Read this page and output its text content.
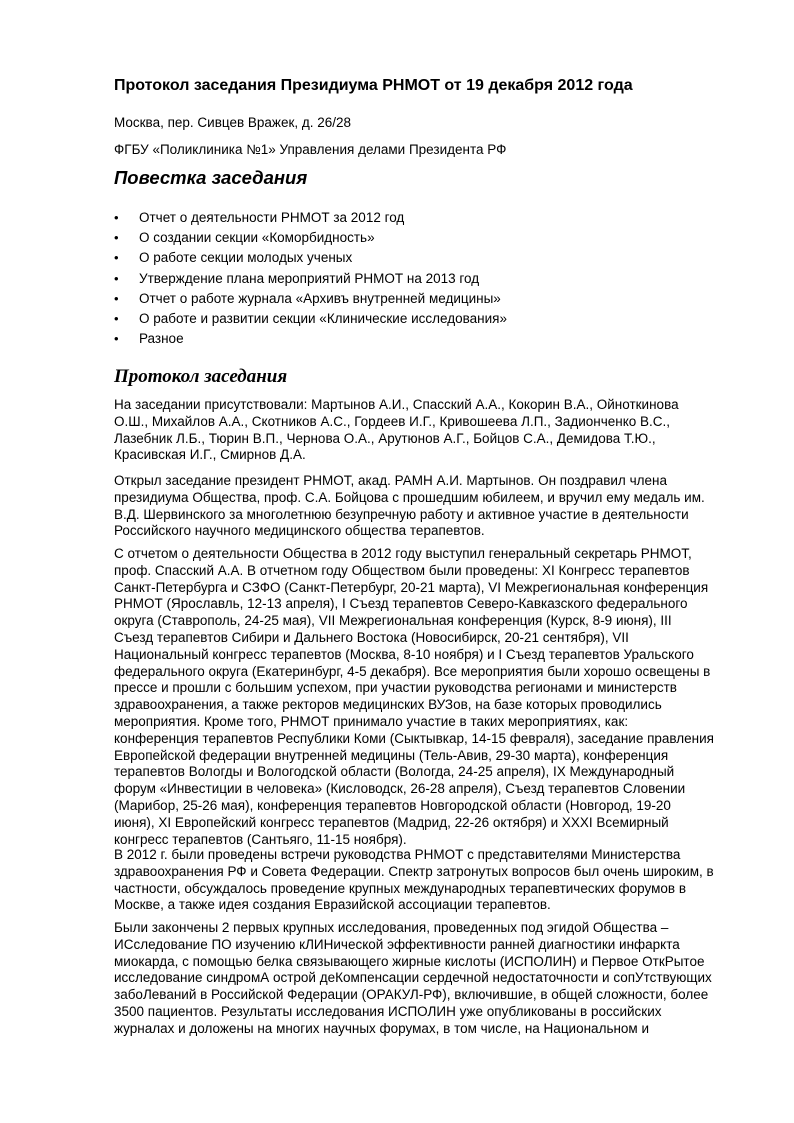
Протокол заседания Президиума РНМОТ от 19 декабря 2012 года

Москва, пер. Сивцев Вражек, д. 26/28

ФГБУ «Поликлиника №1» Управления делами Президента РФ

Повестка заседания
• Отчет о деятельности РНМОТ за 2012 год
• О создании секции «Коморбидность»
• О работе секции молодых ученых
• Утверждение плана мероприятий РНМОТ на 2013 год
• Отчет о работе журнала «Архивъ внутренней медицины»
• О работе и развитии секции «Клинические исследования»
• Разное
Протокол заседания

На заседании присутствовали: Мартынов А.И., Спасский А.А., Кокорин В.А., Ойноткинова О.Ш., Михайлов А.А., Скотников А.С., Гордеев И.Г., Кривошеева Л.П., Задионченко В.С., Лазебник Л.Б., Тюрин В.П., Чернова О.А., Арутюнов А.Г., Бойцов С.А., Демидова Т.Ю., Красивская И.Г., Смирнов Д.А.

Открыл заседание президент РНМОТ, акад. РАМН А.И. Мартынов. Он поздравил члена президиума Общества, проф. С.А. Бойцова с прошедшим юбилеем, и вручил ему медаль им. В.Д. Шервинского за многолетнюю безупречную работу и активное участие в деятельности Российского научного медицинского общества терапевтов.

С отчетом о деятельности Общества в 2012 году выступил генеральный секретарь РНМОТ, проф. Спасский А.А. В отчетном году Обществом были проведены: XI Конгресс терапевтов Санкт-Петербурга и СЗФО (Санкт-Петербург, 20-21 марта), VI Межрегиональная конференция РНМОТ (Ярославль, 12-13 апреля), I Съезд терапевтов Северо-Кавказского федерального округа (Ставрополь, 24-25 мая), VII Межрегиональная конференция (Курск, 8-9 июня), III Съезд терапевтов Сибири и Дальнего Востока (Новосибирск, 20-21 сентября), VII Национальный конгресс терапевтов (Москва, 8-10 ноября) и I Съезд терапевтов Уральского федерального округа (Екатеринбург, 4-5 декабря). Все мероприятия были хорошо освещены в прессе и прошли с большим успехом, при участии руководства регионами и министерств здравоохранения, а также ректоров медицинских ВУЗов, на базе которых проводились мероприятия. Кроме того, РНМОТ принимало участие в таких мероприятиях, как: конференция терапевтов Республики Коми (Сыктывкар, 14-15 февраля), заседание правления Европейской федерации внутренней медицины (Тель-Авив, 29-30 марта), конференция терапевтов Вологды и Вологодской области (Вологда, 24-25 апреля), IX Международный форум «Инвестиции в человека» (Кисловодск, 26-28 апреля), Съезд терапевтов Словении (Марибор, 25-26 мая), конференция терапевтов Новгородской области (Новгород, 19-20 июня), XI Европейский конгресс терапевтов (Мадрид, 22-26 октября) и XXXI Всемирный конгресс терапевтов (Сантьяго, 11-15 ноября).

В 2012 г. были проведены встречи руководства РНМОТ с представителями Министерства здравоохранения РФ и Совета Федерации. Спектр затронутых вопросов был очень широким, в частности, обсуждалось проведение крупных международных терапевтических форумов в Москве, а также идея создания Евразийской ассоциации терапевтов.

Были закончены 2 первых крупных исследования, проведенных под эгидой Общества – ИСследование ПО изучению кЛИНической эффективности ранней диагностики инфаркта миокарда, с помощью белка связывающего жирные кислоты (ИСПОЛИН) и Первое ОткРытое исследование синдромА острой деКомпенсации сердечной недостаточности и сопУтствующих забоЛеваний в Российской Федерации (ОРАКУЛ-РФ), включившие, в общей сложности, более 3500 пациентов. Результаты исследования ИСПОЛИН уже опубликованы в российских журналах и доложены на многих научных форумах, в том числе, на Национальном и
